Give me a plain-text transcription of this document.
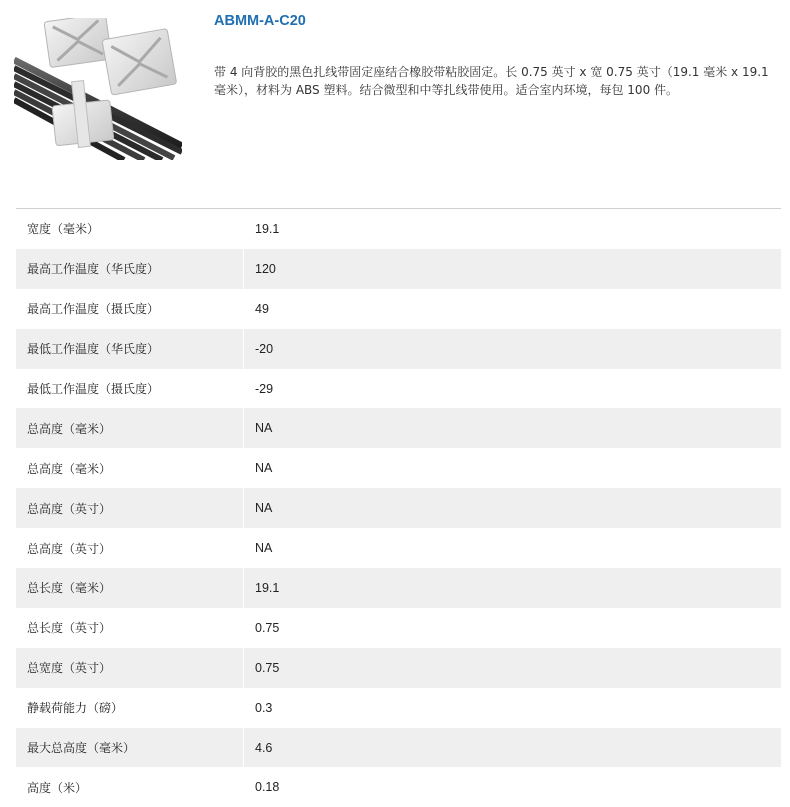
ABMM-A-C20

带 4 向背胶的黑色扎线带固定座结合橡胶带粘胶固定。长 0.75 英寸 x 宽 0.75 英寸（19.1 毫米 x 19.1 毫米），材料为 ABS 塑料。结合微型和中等扎线带使用。适合室内环境，每包 100 件。

宽度（毫米）	19.1
最高工作温度（华氏度）	120
最高工作温度（摄氏度）	49
最低工作温度（华氏度）	-20
最低工作温度（摄氏度）	-29
总高度（毫米）	NA
总高度（毫米）	NA
总高度（英寸）	NA
总高度（英寸）	NA
总长度（毫米）	19.1
总长度（英寸）	0.75
总宽度（英寸）	0.75
静载荷能力（磅）	0.3
最大总高度（毫米）	4.6
高度（米）	0.18
